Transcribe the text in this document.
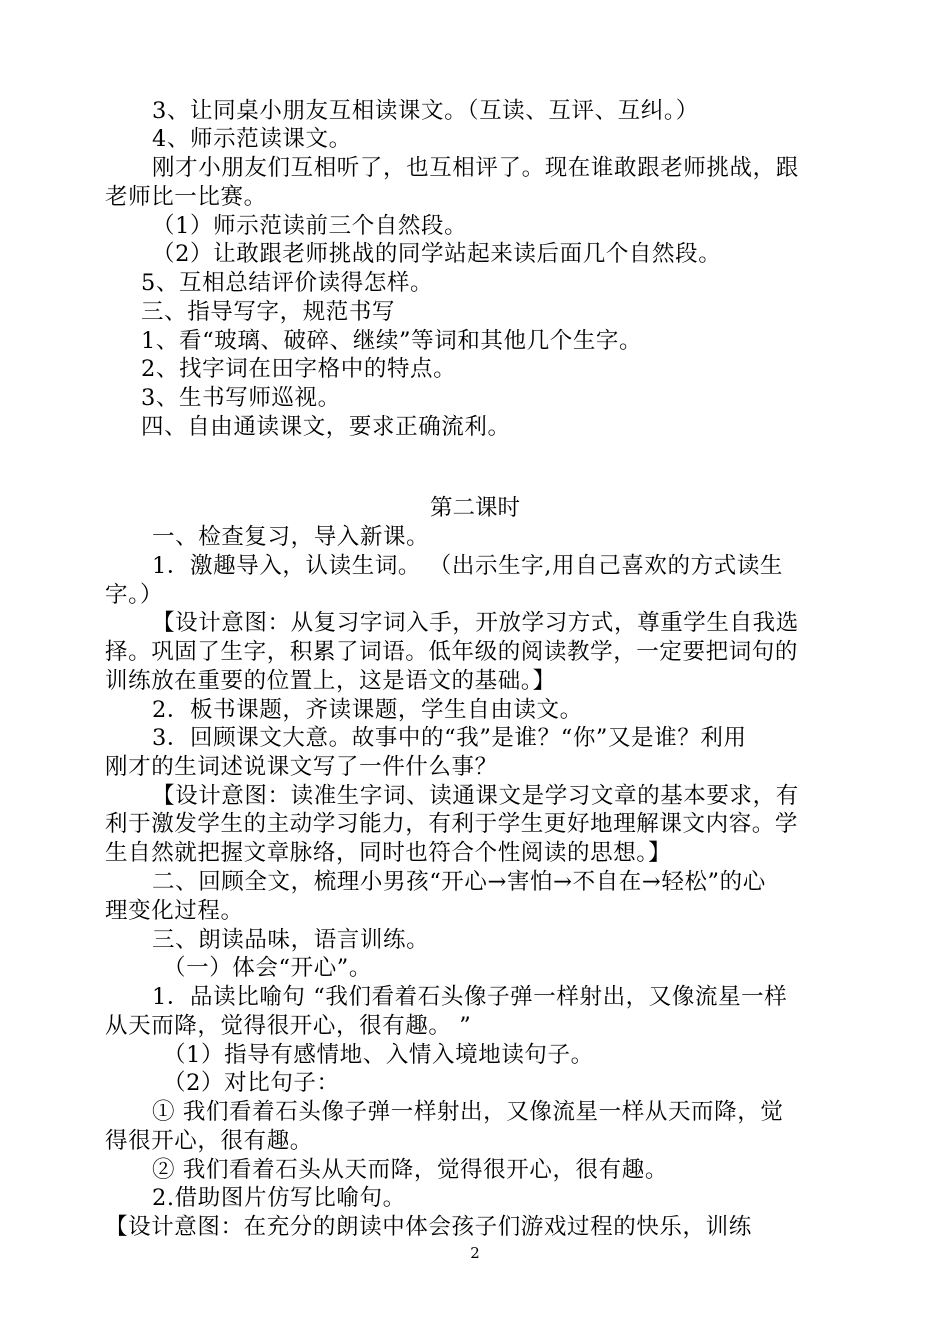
3、让同桌小朋友互相读课文。（互读、互评、互纠。）
4、师示范读课文。
刚才小朋友们互相听了，也互相评了。现在谁敢跟老师挑战，跟
老师比一比赛。
（1）师示范读前三个自然段。
（2）让敢跟老师挑战的同学站起来读后面几个自然段。
5、互相总结评价读得怎样。
三、指导写字，规范书写
1、看“玻璃、破碎、继续”等词和其他几个生字。
2、找字词在田字格中的特点。
3、生书写师巡视。
四、自由通读课文，要求正确流利。
第二课时
一、检查复习，导入新课。
1．激趣导入，认读生词。 （出示生字,用自己喜欢的方式读生
字。）
【设计意图：从复习字词入手，开放学习方式，尊重学生自我选
择。巩固了生字，积累了词语。低年级的阅读教学，一定要把词句的
训练放在重要的位置上，这是语文的基础。】
2．板书课题，齐读课题，学生自由读文。
3．回顾课文大意。故事中的“我”是谁？“你”又是谁？利用
刚才的生词述说课文写了一件什么事？
【设计意图：读准生字词、读通课文是学习文章的基本要求，有
利于激发学生的主动学习能力，有利于学生更好地理解课文内容。学
生自然就把握文章脉络，同时也符合个性阅读的思想。】
二、回顾全文，梳理小男孩“开心→害怕→不自在→轻松”的心
理变化过程。
三、朗读品味，语言训练。
（一）体会“开心”。
1．品读比喻句 “我们看着石头像子弹一样射出，又像流星一样
从天而降，觉得很开心，很有趣。 ”
（1）指导有感情地、入情入境地读句子。
（2）对比句子：
① 我们看着石头像子弹一样射出，又像流星一样从天而降，觉
得很开心，很有趣。
② 我们看着石头从天而降，觉得很开心，很有趣。
2.借助图片仿写比喻句。
【设计意图：在充分的朗读中体会孩子们游戏过程的快乐，训练
2
